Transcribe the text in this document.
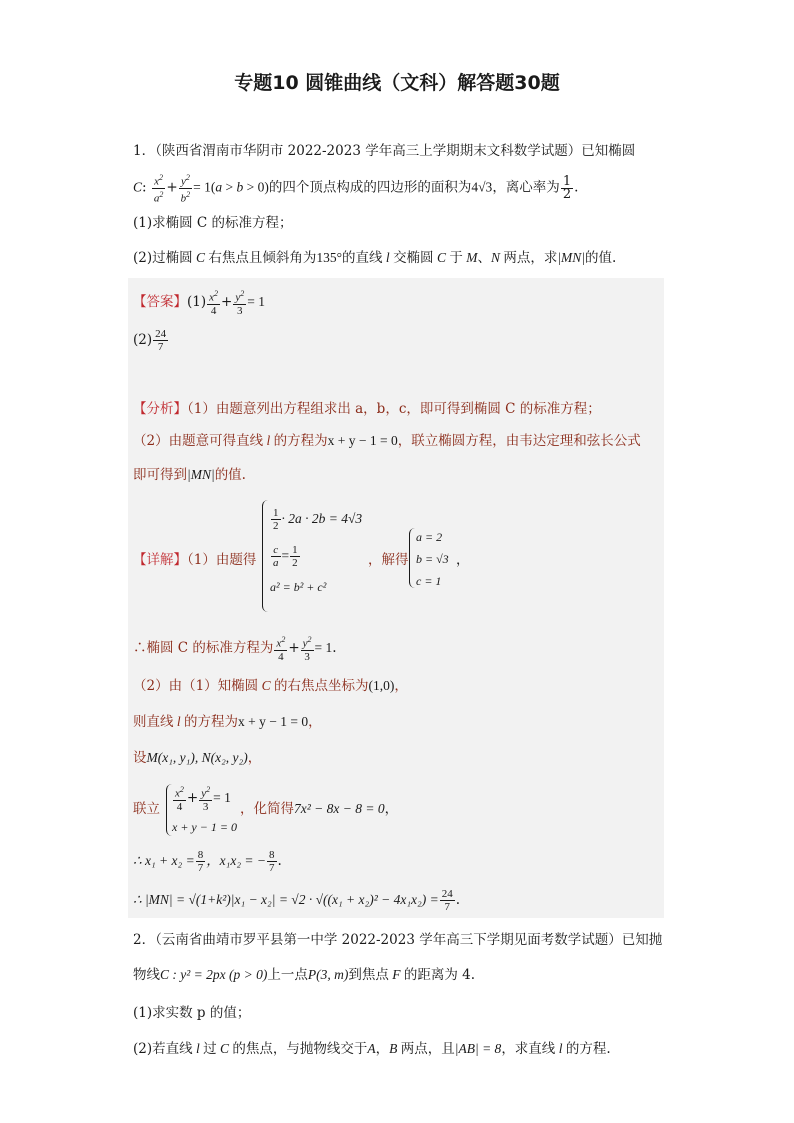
专题10 圆锥曲线（文科）解答题30题
1．（陕西省渭南市华阴市 2022-2023 学年高三上学期期末文科数学试题）已知椭圆
C: $\frac{x^2}{a^2} + \frac{y^2}{b^2} = 1(a > b > 0)$的四个顶点构成的四边形的面积为4√3，离心率为 $\frac{1}{2}$ .
(1)求椭圆 C 的标准方程；
(2)过椭圆 C 右焦点且倾斜角为135°的直线 l 交椭圆 C 于 M、N 两点，求|MN|的值.
【答案】$(1) \frac{x^2}{4} + \frac{y^2}{3} = 1$
$(2) \frac{24}{7}$
【分析】（1）由题意列出方程组求出 a，b，c，即可得到椭圆 C 的标准方程；
（2）由题意可得直线 l 的方程为x + y − 1 = 0，联立椭圆方程，由韦达定理和弦长公式
即可得到|MN|的值.
【详解】（1）由题得
$\frac{1}{2} \cdot 2a \cdot 2b = 4√3$
$\frac{c}{a} = \frac{1}{2}$
a² = b² + c²
，解得
a = 2
b = √3
c = 1
，
∴椭圆 C 的标准方程为 $\frac{x^2}{4} + \frac{y^2}{3} = 1$.
（2）由（1）知椭圆 C 的右焦点坐标为(1,0)，
则直线 l 的方程为x + y − 1 = 0，
设M(x₁, y₁), N(x₂, y₂)，
联立 $\frac{x^2}{4} + \frac{y^2}{3} = 1$
x + y − 1 = 0
，化简得7x² − 8x − 8 = 0，
∴ $x_1 + x_2 = \frac{8}{7}$ ，x₁x₂ = − $\frac{8}{7}$ .
∴ $|MN| = √(1+k^2)|x_1 - x_2| = √2 \cdot √((x_1 + x_2)^2 - 4x_1x_2) = \frac{24}{7}$ .
2．（云南省曲靖市罗平县第一中学 2022-2023 学年高三下学期见面考数学试题）已知抛
物线C : y² = 2px (p > 0)上一点P(3, m)到焦点 F 的距离为 4.
(1)求实数 p 的值；
(2)若直线 l 过 C 的焦点，与抛物线交于A，B 两点，且|AB| = 8，求直线 l 的方程.
